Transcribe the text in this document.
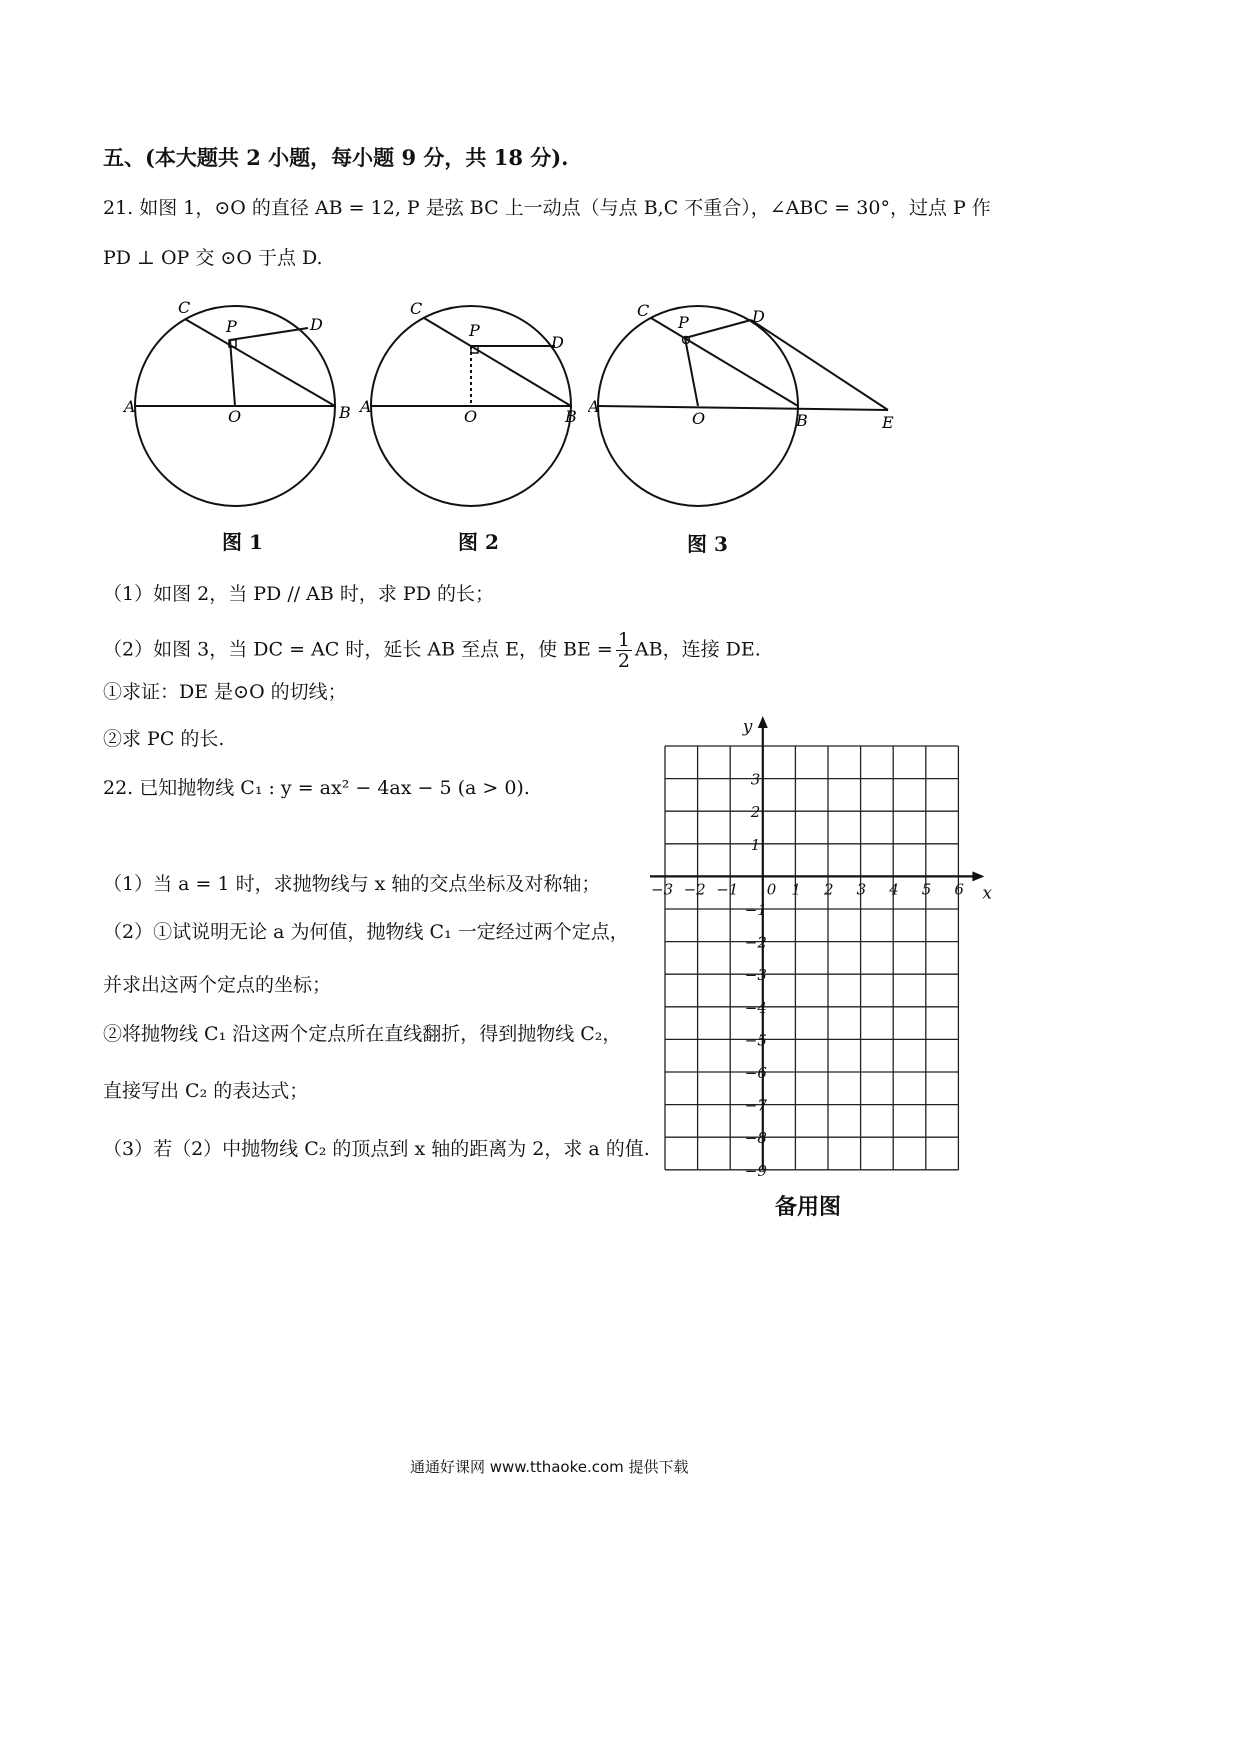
五、(本大题共 2 小题，每小题 9 分，共 18 分).
21. 如图 1，⊙O 的直径 AB = 12, P 是弦 BC 上一动点（与点 B,C 不重合），∠ABC = 30°，过点 P 作
PD ⊥ OP 交 ⊙O 于点 D.
A	B
C
D
O
P
图 1
A
B
C
D
O
P
图 2
A
B
C	D
O
P
E
图 3
（1）如图 2，当 PD // AB 时，求 PD 的长；
（2）如图 3，当 DC = AC 时，延长 AB 至点 E，使 BE = $\frac{1}{2}$ AB，连接 DE.
①求证：DE 是⊙O 的切线；
②求 PC 的长.
22. 已知抛物线 C₁ : y = ax² − 4ax − 5 (a > 0).
（1）当 a = 1 时，求抛物线与 x 轴的交点坐标及对称轴；
（2）①试说明无论 a 为何值，抛物线 C₁ 一定经过两个定点，
并求出这两个定点的坐标；
②将抛物线 C₁ 沿这两个定点所在直线翻折，得到抛物线 C₂，
直接写出 C₂ 的表达式；
（3）若（2）中抛物线 C₂ 的顶点到 x 轴的距离为 2，求 a 的值.
x
y
0
−3 −2 −1	1 2 3 4 5 6
3
2
1
−1
−2
−3
−4
−5
−6
−7
−8
−9
备用图
通通好课网 www.tthaoke.com 提供下载
